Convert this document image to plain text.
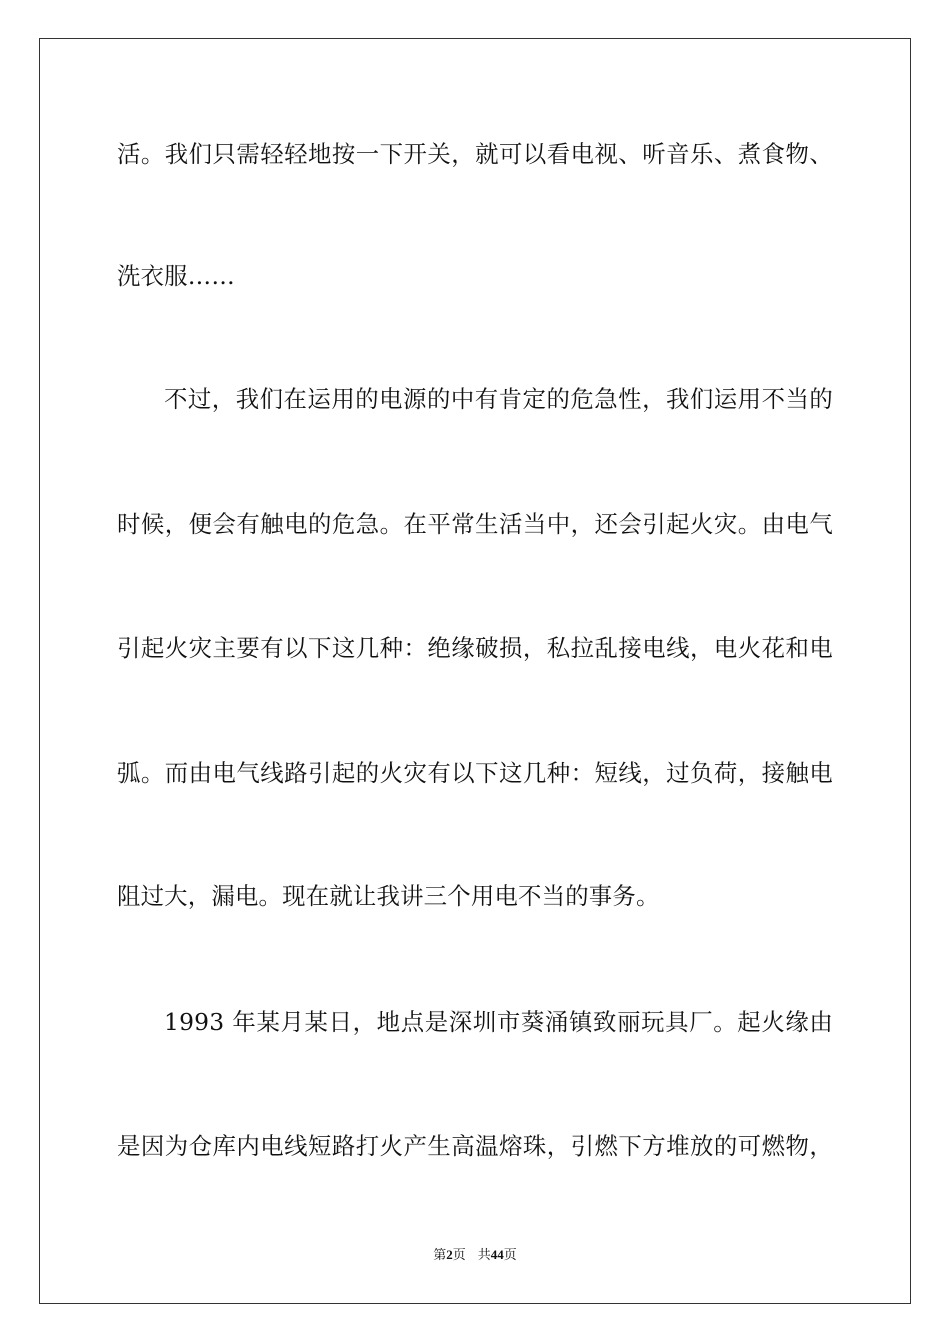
活。我们只需轻轻地按一下开关，就可以看电视、听音乐、煮食物、
洗衣服……
不过，我们在运用的电源的中有肯定的危急性，我们运用不当的
时候，便会有触电的危急。在平常生活当中，还会引起火灾。由电气
引起火灾主要有以下这几种：绝缘破损，私拉乱接电线，电火花和电
弧。而由电气线路引起的火灾有以下这几种：短线，过负荷，接触电
阻过大，漏电。现在就让我讲三个用电不当的事务。
1993 年某月某日，地点是深圳市葵涌镇致丽玩具厂。起火缘由
是因为仓库内电线短路打火产生高温熔珠，引燃下方堆放的可燃物，
第2页 共44页
